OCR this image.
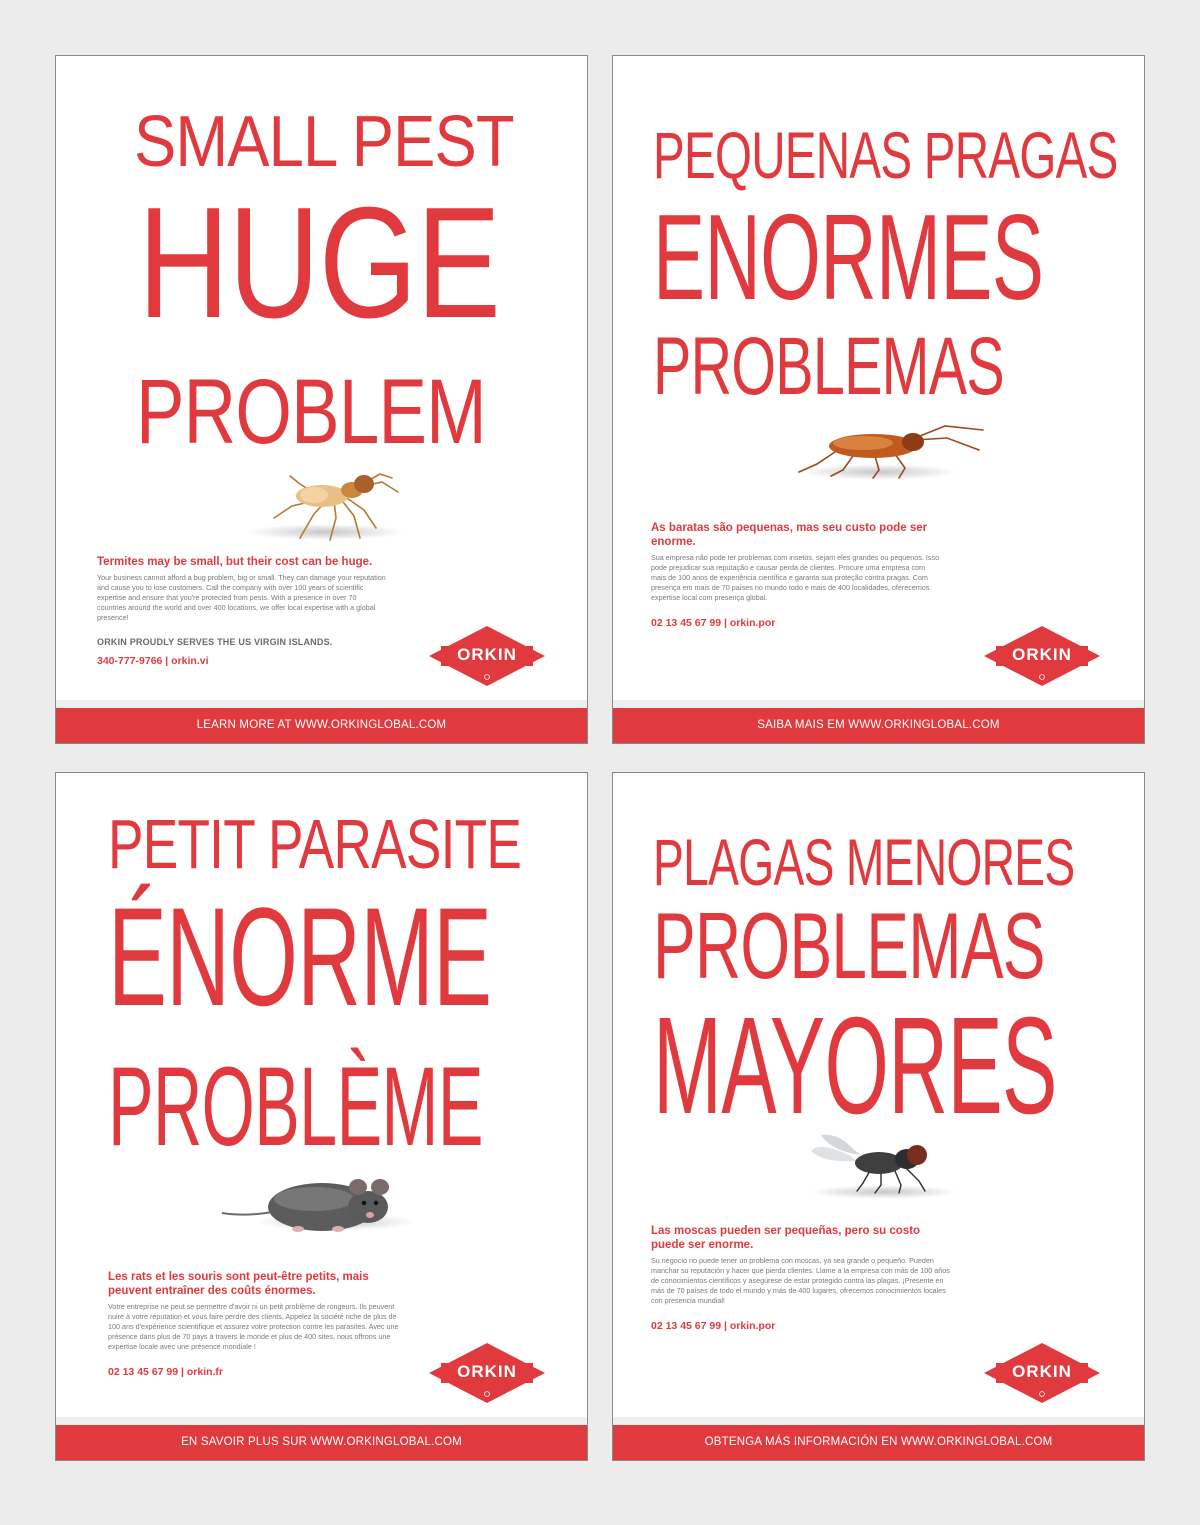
SMALL PEST
HUGE
PROBLEM

Termites may be small, but their cost can be huge.

Your business cannot afford a bug problem, big or small. They can damage your reputation and cause you to lose customers. Call the company with over 100 years of scientific expertise and ensure that you're protected from pests. With a presence in over 70 countries around the world and over 400 locations, we offer local expertise with a global presence!

ORKIN PROUDLY SERVES THE US VIRGIN ISLANDS.

340-777-9766 | orkin.vi	ORKIN
LEARN MORE AT WWW.ORKINGLOBAL.COM
PEQUENAS PRAGAS
ENORMES
PROBLEMAS

As baratas são pequenas, mas seu custo pode ser enorme.

Sua empresa não pode ter problemas com insetos, sejam eles grandes ou pequenos. Isso pode prejudicar sua reputação e causar perda de clientes. Procure uma empresa com mais de 100 anos de experiência científica e garanta sua proteção contra pragas. Com presença em mais de 70 países no mundo todo e mais de 400 localidades, oferecemos expertise local com presença global.

02 13 45 67 99 | orkin.por

ORKIN
SAIBA MAIS EM WWW.ORKINGLOBAL.COM
PETIT PARASITE
ÉNORME
PROBLÈME

Les rats et les souris sont peut-être petits, mais peuvent entraîner des coûts énormes.

Votre entreprise ne peut se permettre d'avoir ni un petit problème de rongeurs. Ils peuvent nuire à votre réputation et vous faire perdre des clients. Appelez la société riche de plus de 100 ans d'expérience scientifique et assurez votre protection contre les parasites. Avec une présence dans plus de 70 pays à travers le monde et plus de 400 sites, nous offrons une expertise locale avec une présence mondiale !

02 13 45 67 99 | orkin.fr	ORKIN
EN SAVOIR PLUS SUR WWW.ORKINGLOBAL.COM
PLAGAS MENORES
PROBLEMAS
MAYORES

Las moscas pueden ser pequeñas, pero su costo puede ser enorme.

Su negocio no puede tener un problema con moscas, ya sea grande o pequeño. Pueden manchar su reputación y hacer que pierda clientes. Llame a la empresa con más de 100 años de conocimientos científicos y asegúrese de estar protegido contra las plagas. ¡Presente en más de 70 países de todo el mundo y más de 400 lugares, ofrecemos conocimientos locales con presencia mundial!

02 13 45 67 99 | orkin.por

ORKIN
OBTENGA MÁS INFORMACIÓN EN WWW.ORKINGLOBAL.COM
